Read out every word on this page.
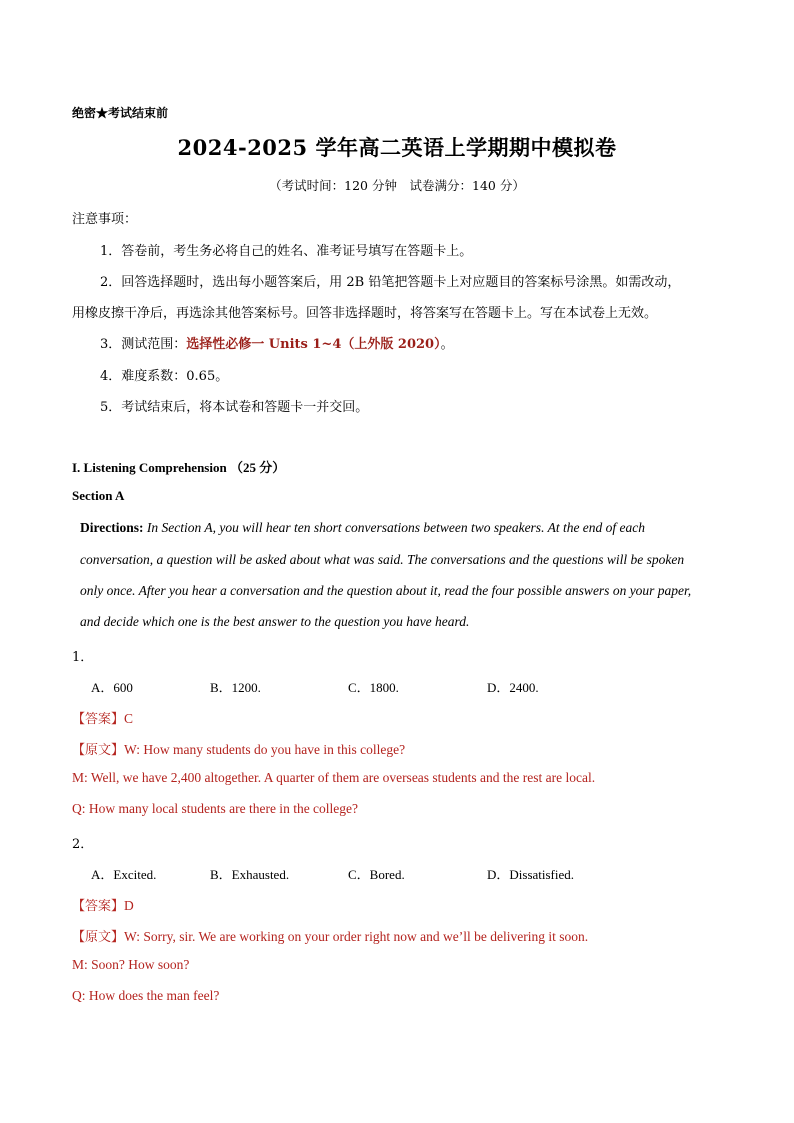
绝密★考试结束前
2024-2025 学年高二英语上学期期中模拟卷
（考试时间：120 分钟　试卷满分：140 分）
注意事项：
1．答卷前，考生务必将自己的姓名、准考证号填写在答题卡上。
2．回答选择题时，选出每小题答案后，用 2B 铅笔把答题卡上对应题目的答案标号涂黑。如需改动，
用橡皮擦干净后，再选涂其他答案标号。回答非选择题时，将答案写在答题卡上。写在本试卷上无效。
3．测试范围：选择性必修一 Units 1~4（上外版 2020）。
4．难度系数：0.65。
5．考试结束后，将本试卷和答题卡一并交回。
I. Listening Comprehension （25 分）
Section A
Directions: In Section A, you will hear ten short conversations between two speakers. At the end of each
conversation, a question will be asked about what was said. The conversations and the questions will be spoken
only once. After you hear a conversation and the question about it, read the four possible answers on your paper,
and decide which one is the best answer to the question you have heard.
1．
A．600	B．1200.	C．1800.	D．2400.
【答案】C
【原文】W: How many students do you have in this college?
M: Well, we have 2,400 altogether. A quarter of them are overseas students and the rest are local.
Q: How many local students are there in the college?
2．
A．Excited.	B．Exhausted.	C．Bored.	D．Dissatisfied.
【答案】D
【原文】W: Sorry, sir. We are working on your order right now and we’ll be delivering it soon.
M: Soon? How soon?
Q: How does the man feel?
